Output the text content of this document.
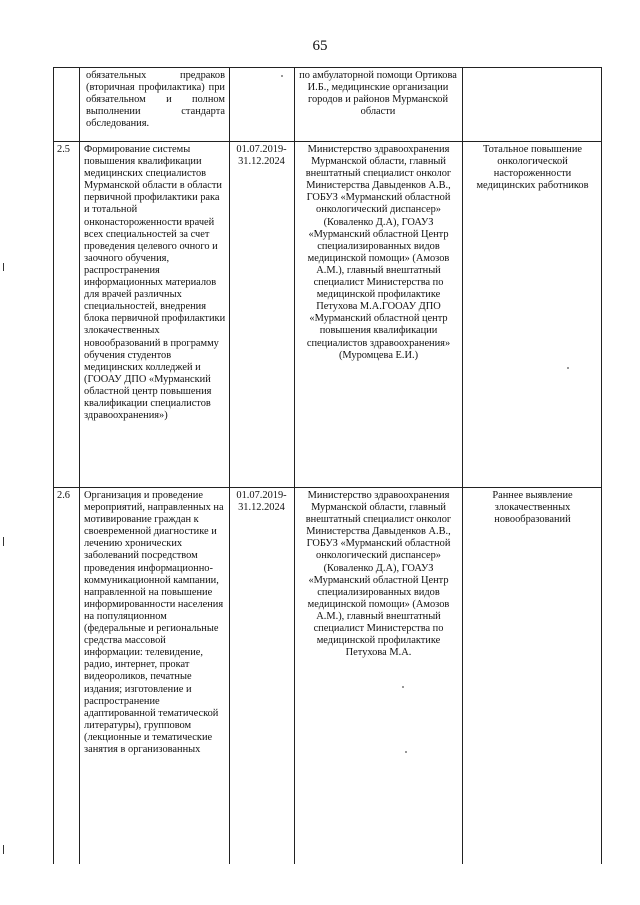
65
обязательных предраков (вторичная профилактика) при обязательном и полном выполнении стандарта обследования.
по амбулаторной помощи Ортикова И.Б., медицинские организации городов и районов Мурманской области
2.5	Формирование системы повышения квалификации медицинских специалистов Мурманской области в области первичной профилактики рака и тотальной онконастороженности врачей всех специальностей за счет проведения целевого очного и заочного обучения, распространения информационных материалов для врачей различных специальностей, внедрения блока первичной профилактики злокачественных новообразований в программу обучения студентов медицинских колледжей и (ГООАУ ДПО «Мурманский областной центр повышения квалификации специалистов здравоохранения»)
01.07.2019-31.12.2024
Министерство здравоохранения Мурманской области, главный внештатный специалист онколог Министерства Давыденков А.В., ГОБУЗ «Мурманский областной онкологический диспансер» (Коваленко Д.А), ГОАУЗ «Мурманский областной Центр специализированных видов медицинской помощи» (Амозов А.М.), главный внештатный специалист Министерства по медицинской профилактике Петухова М.А.ГООАУ ДПО «Мурманский областной центр повышения квалификации специалистов здравоохранения» (Муромцева Е.И.)
Тотальное повышение онкологической настороженности медицинских работников
2.6	Организация и проведение мероприятий, направленных на мотивирование граждан к своевременной диагностике и лечению хронических заболеваний посредством проведения информационно-коммуникационной кампании, направленной на повышение информированности населения на популяционном (федеральные и региональные средства массовой информации: телевидение, радио, интернет, прокат видеороликов, печатные издания; изготовление и распространение адаптированной тематической литературы), групповом (лекционные и тематические занятия в организованных
01.07.2019-31.12.2024
Министерство здравоохранения Мурманской области, главный внештатный специалист онколог Министерства Давыденков А.В., ГОБУЗ «Мурманский областной онкологический диспансер» (Коваленко Д.А), ГОАУЗ «Мурманский областной Центр специализированных видов медицинской помощи» (Амозов А.М.), главный внештатный специалист Министерства по медицинской профилактике Петухова М.А.
Раннее выявление злокачественных новообразований
